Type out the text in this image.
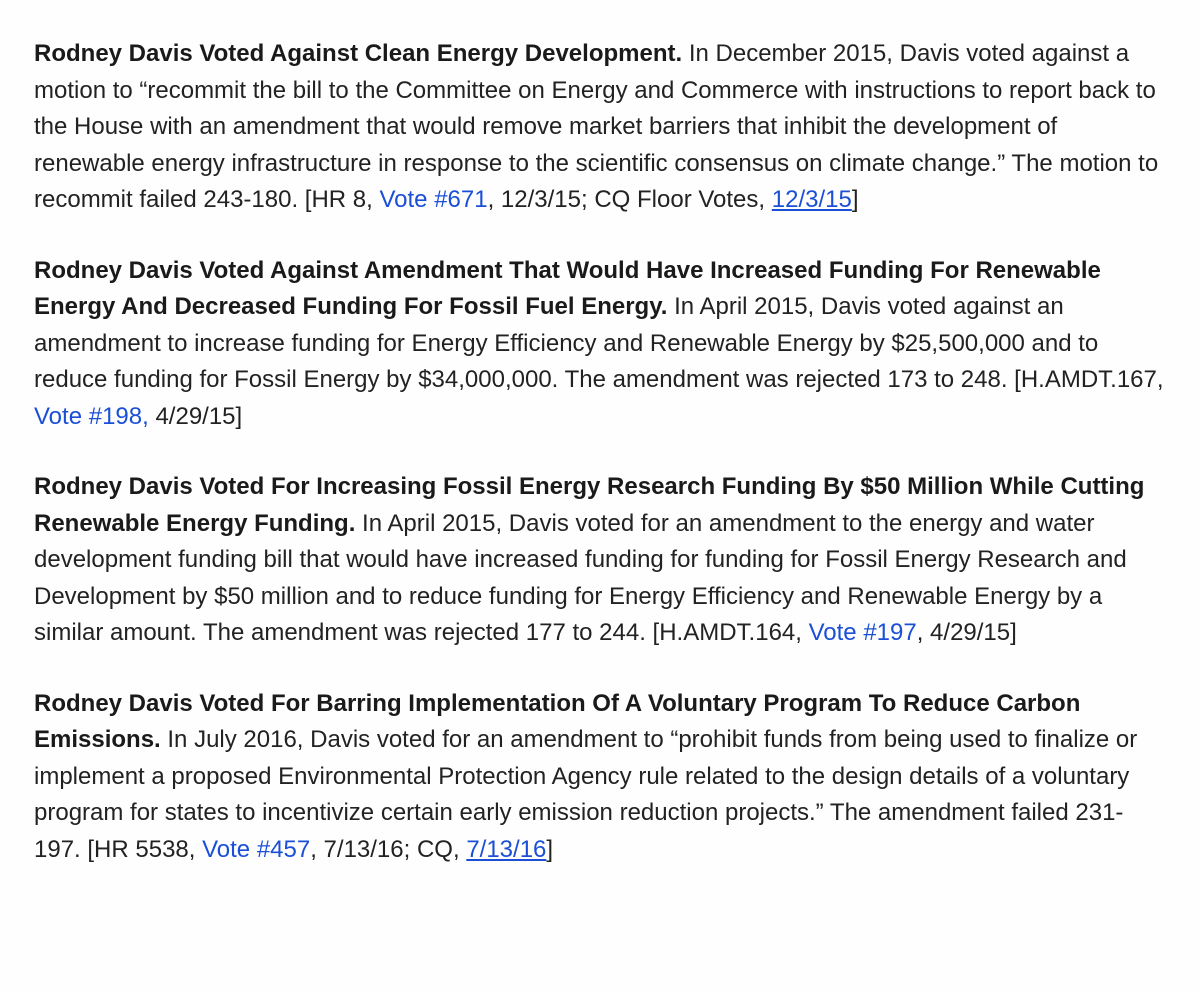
Rodney Davis Voted Against Clean Energy Development. In December 2015, Davis voted against a motion to “recommit the bill to the Committee on Energy and Commerce with instructions to report back to the House with an amendment that would remove market barriers that inhibit the development of renewable energy infrastructure in response to the scientific consensus on climate change.” The motion to recommit failed 243-180. [HR 8, Vote #671, 12/3/15; CQ Floor Votes, 12/3/15]

Rodney Davis Voted Against Amendment That Would Have Increased Funding For Renewable Energy And Decreased Funding For Fossil Fuel Energy. In April 2015, Davis voted against an amendment to increase funding for Energy Efficiency and Renewable Energy by $25,500,000 and to reduce funding for Fossil Energy by $34,000,000. The amendment was rejected 173 to 248. [H.AMDT.167, Vote #198, 4/29/15]

Rodney Davis Voted For Increasing Fossil Energy Research Funding By $50 Million While Cutting Renewable Energy Funding. In April 2015, Davis voted for an amendment to the energy and water development funding bill that would have increased funding for funding for Fossil Energy Research and Development by $50 million and to reduce funding for Energy Efficiency and Renewable Energy by a similar amount. The amendment was rejected 177 to 244. [H.AMDT.164, Vote #197, 4/29/15]

Rodney Davis Voted For Barring Implementation Of A Voluntary Program To Reduce Carbon Emissions. In July 2016, Davis voted for an amendment to “prohibit funds from being used to finalize or implement a proposed Environmental Protection Agency rule related to the design details of a voluntary program for states to incentivize certain early emission reduction projects.” The amendment failed 231-197. [HR 5538, Vote #457, 7/13/16; CQ, 7/13/16]
